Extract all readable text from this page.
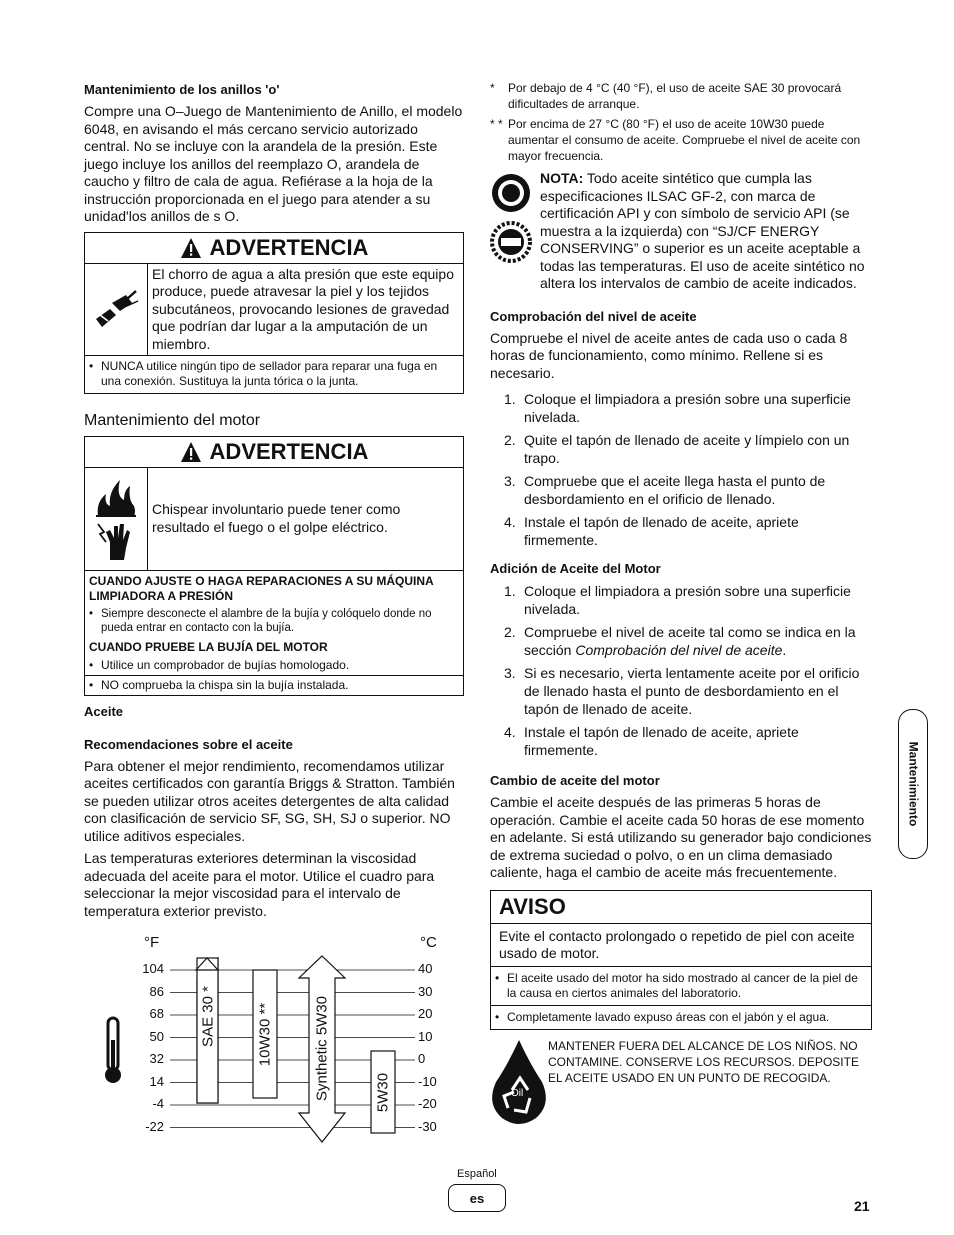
Mantenimiento de los anillos 'o'
Compre una O–Juego de Mantenimiento de Anillo, el modelo 6048, en avisando el más cercano servicio autorizado central. No se incluye con la arandela de la presión. Este juego incluye los anillos del reemplazo O, arandela de caucho y filtro de cala de agua. Refiérase a la hoja de la instrucción proporcionada en el juego para atender a su unidad'los anillos de s O.
ADVERTENCIA
El chorro de agua a alta presión que este equipo produce, puede atravesar la piel y los tejidos subcutáneos, provocando lesiones de gravedad que podrían dar lugar a la amputación de un miembro.
• NUNCA utilice ningún tipo de sellador para reparar una fuga en una conexión. Sustituya la junta tórica o la junta.
Mantenimiento del motor
ADVERTENCIA
Chispear involuntario puede tener como resultado el fuego o el golpe eléctrico.
CUANDO AJUSTE O HAGA REPARACIONES A SU MÁQUINA LIMPIADORA A PRESIÓN
• Siempre desconecte el alambre de la bujía y colóquelo donde no pueda entrar en contacto con la bujía.
CUANDO PRUEBE LA BUJÍA DEL MOTOR
• Utilice un comprobador de bujías homologado.
• NO comprueba la chispa sin la bujía instalada.
Aceite
Recomendaciones sobre el aceite
Para obtener el mejor rendimiento, recomendamos utilizar aceites certificados con garantía Briggs & Stratton. También se pueden utilizar otros aceites detergentes de alta calidad con clasificación de servicio SF, SG, SH, SJ o superior. NO utilice aditivos especiales.
Las temperaturas exteriores determinan la viscosidad adecuada del aceite para el motor. Utilice el cuadro para seleccionar la mejor viscosidad para el intervalo de temperatura exterior previsto.
°F	°C
104
86
68
50
32
14
-4
-22
40
30
20
10
0
-10
-20
-30
SAE 30 *	10W30 **	Synthetic 5W30	5W30
* Por debajo de 4 °C (40 °F), el uso de aceite SAE 30 provocará dificultades de arranque.
* * Por encima de 27 °C (80 °F) el uso de aceite 10W30 puede aumentar el consumo de aceite. Compruebe el nivel de aceite con mayor frecuencia.

NOTA: Todo aceite sintético que cumpla las especificaciones ILSAC GF-2, con marca de certificación API y con símbolo de servicio API (se muestra a la izquierda) con “SJ/CF ENERGY CONSERVING” o superior es un aceite aceptable a todas las temperaturas. El uso de aceite sintético no altera los intervalos de cambio de aceite indicados.
Comprobación del nivel de aceite
Compruebe el nivel de aceite antes de cada uso o cada 8 horas de funcionamiento, como mínimo. Rellene si es necesario.
1. Coloque el limpiadora a presión sobre una superficie nivelada.
2. Quite el tapón de llenado de aceite y límpielo con un trapo.
3. Compruebe que el aceite llega hasta el punto de desbordamiento en el orificio de llenado.
4. Instale el tapón de llenado de aceite, apriete firmemente.
Adición de Aceite del Motor
1. Coloque el limpiadora a presión sobre una superficie nivelada.
2. Compruebe el nivel de aceite tal como se indica en la sección Comprobación del nivel de aceite.
3. Si es necesario, vierta lentamente aceite por el orificio de llenado hasta el punto de desbordamiento en el tapón de llenado de aceite.
4. Instale el tapón de llenado de aceite, apriete firmemente.
Cambio de aceite del motor
Cambie el aceite después de las primeras 5 horas de operación. Cambie el aceite cada 50 horas de ese momento en adelante. Si está utilizando su generador bajo condiciones de extrema suciedad o polvo, o en un clima demasiado caliente, haga el cambio de aceite más frecuentemente.
AVISO
Evite el contacto prolongado o repetido de piel con aceite usado de motor.
• El aceite usado del motor ha sido mostrado al cancer de la piel de la causa en ciertos animales del laboratorio.
• Completamente lavado expuso áreas con el jabón y el agua.
Oil
MANTENER FUERA DEL ALCANCE DE LOS NIÑOS. NO CONTAMINE. CONSERVE LOS RECURSOS. DEPOSITE EL ACEITE USADO EN UN PUNTO DE RECOGIDA.
Mantenimiento
Español
es	21
